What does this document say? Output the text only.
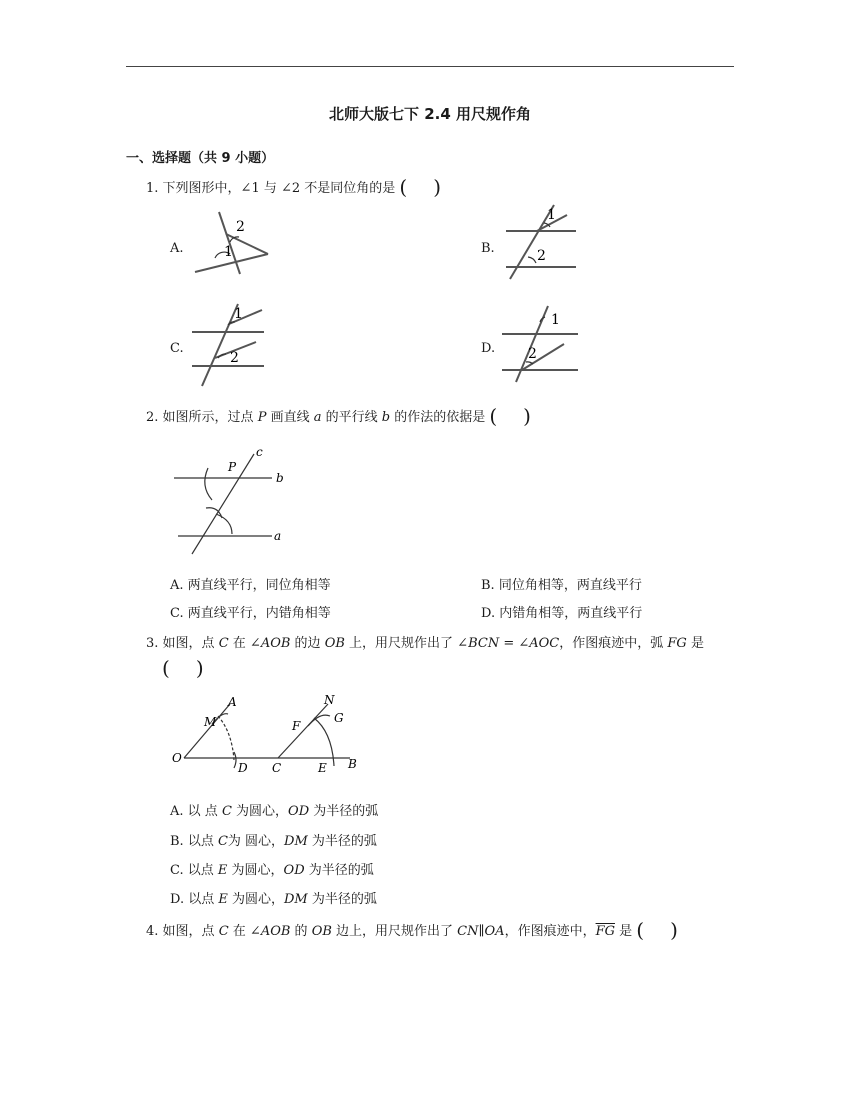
北师大版七下 2.4 用尺规作角
一、选择题（共 9 小题）
1. 下列图形中，∠1 与 ∠2 不是同位角的是 ( )
A.
2
1	B.
1
2
C.
1
2
D.
1
2
2. 如图所示，过点 P 画直线 a 的平行线 b 的作法的依据是 ( )
c
P
b
a
A. 两直线平行，同位角相等	B. 同位角相等，两直线平行
C. 两直线平行，内错角相等	D. 内错角相等，两直线平行
3. 如图，点 C 在 ∠AOB 的边 OB 上，用尺规作出了 ∠BCN = ∠AOC，作图痕迹中，弧 FG 是
( )
O
M
A
D C
F
N
G
E B
A. 以 点 C 为圆心，OD 为半径的弧
B. 以点 C为 圆心，DM 为半径的弧
C. 以点 E 为圆心，OD 为半径的弧
D. 以点 E 为圆心，DM 为半径的弧
4. 如图，点 C 在 ∠AOB 的 OB 边上，用尺规作出了 CN∥OA，作图痕迹中，$\overline{FG}$ 是 ( )
